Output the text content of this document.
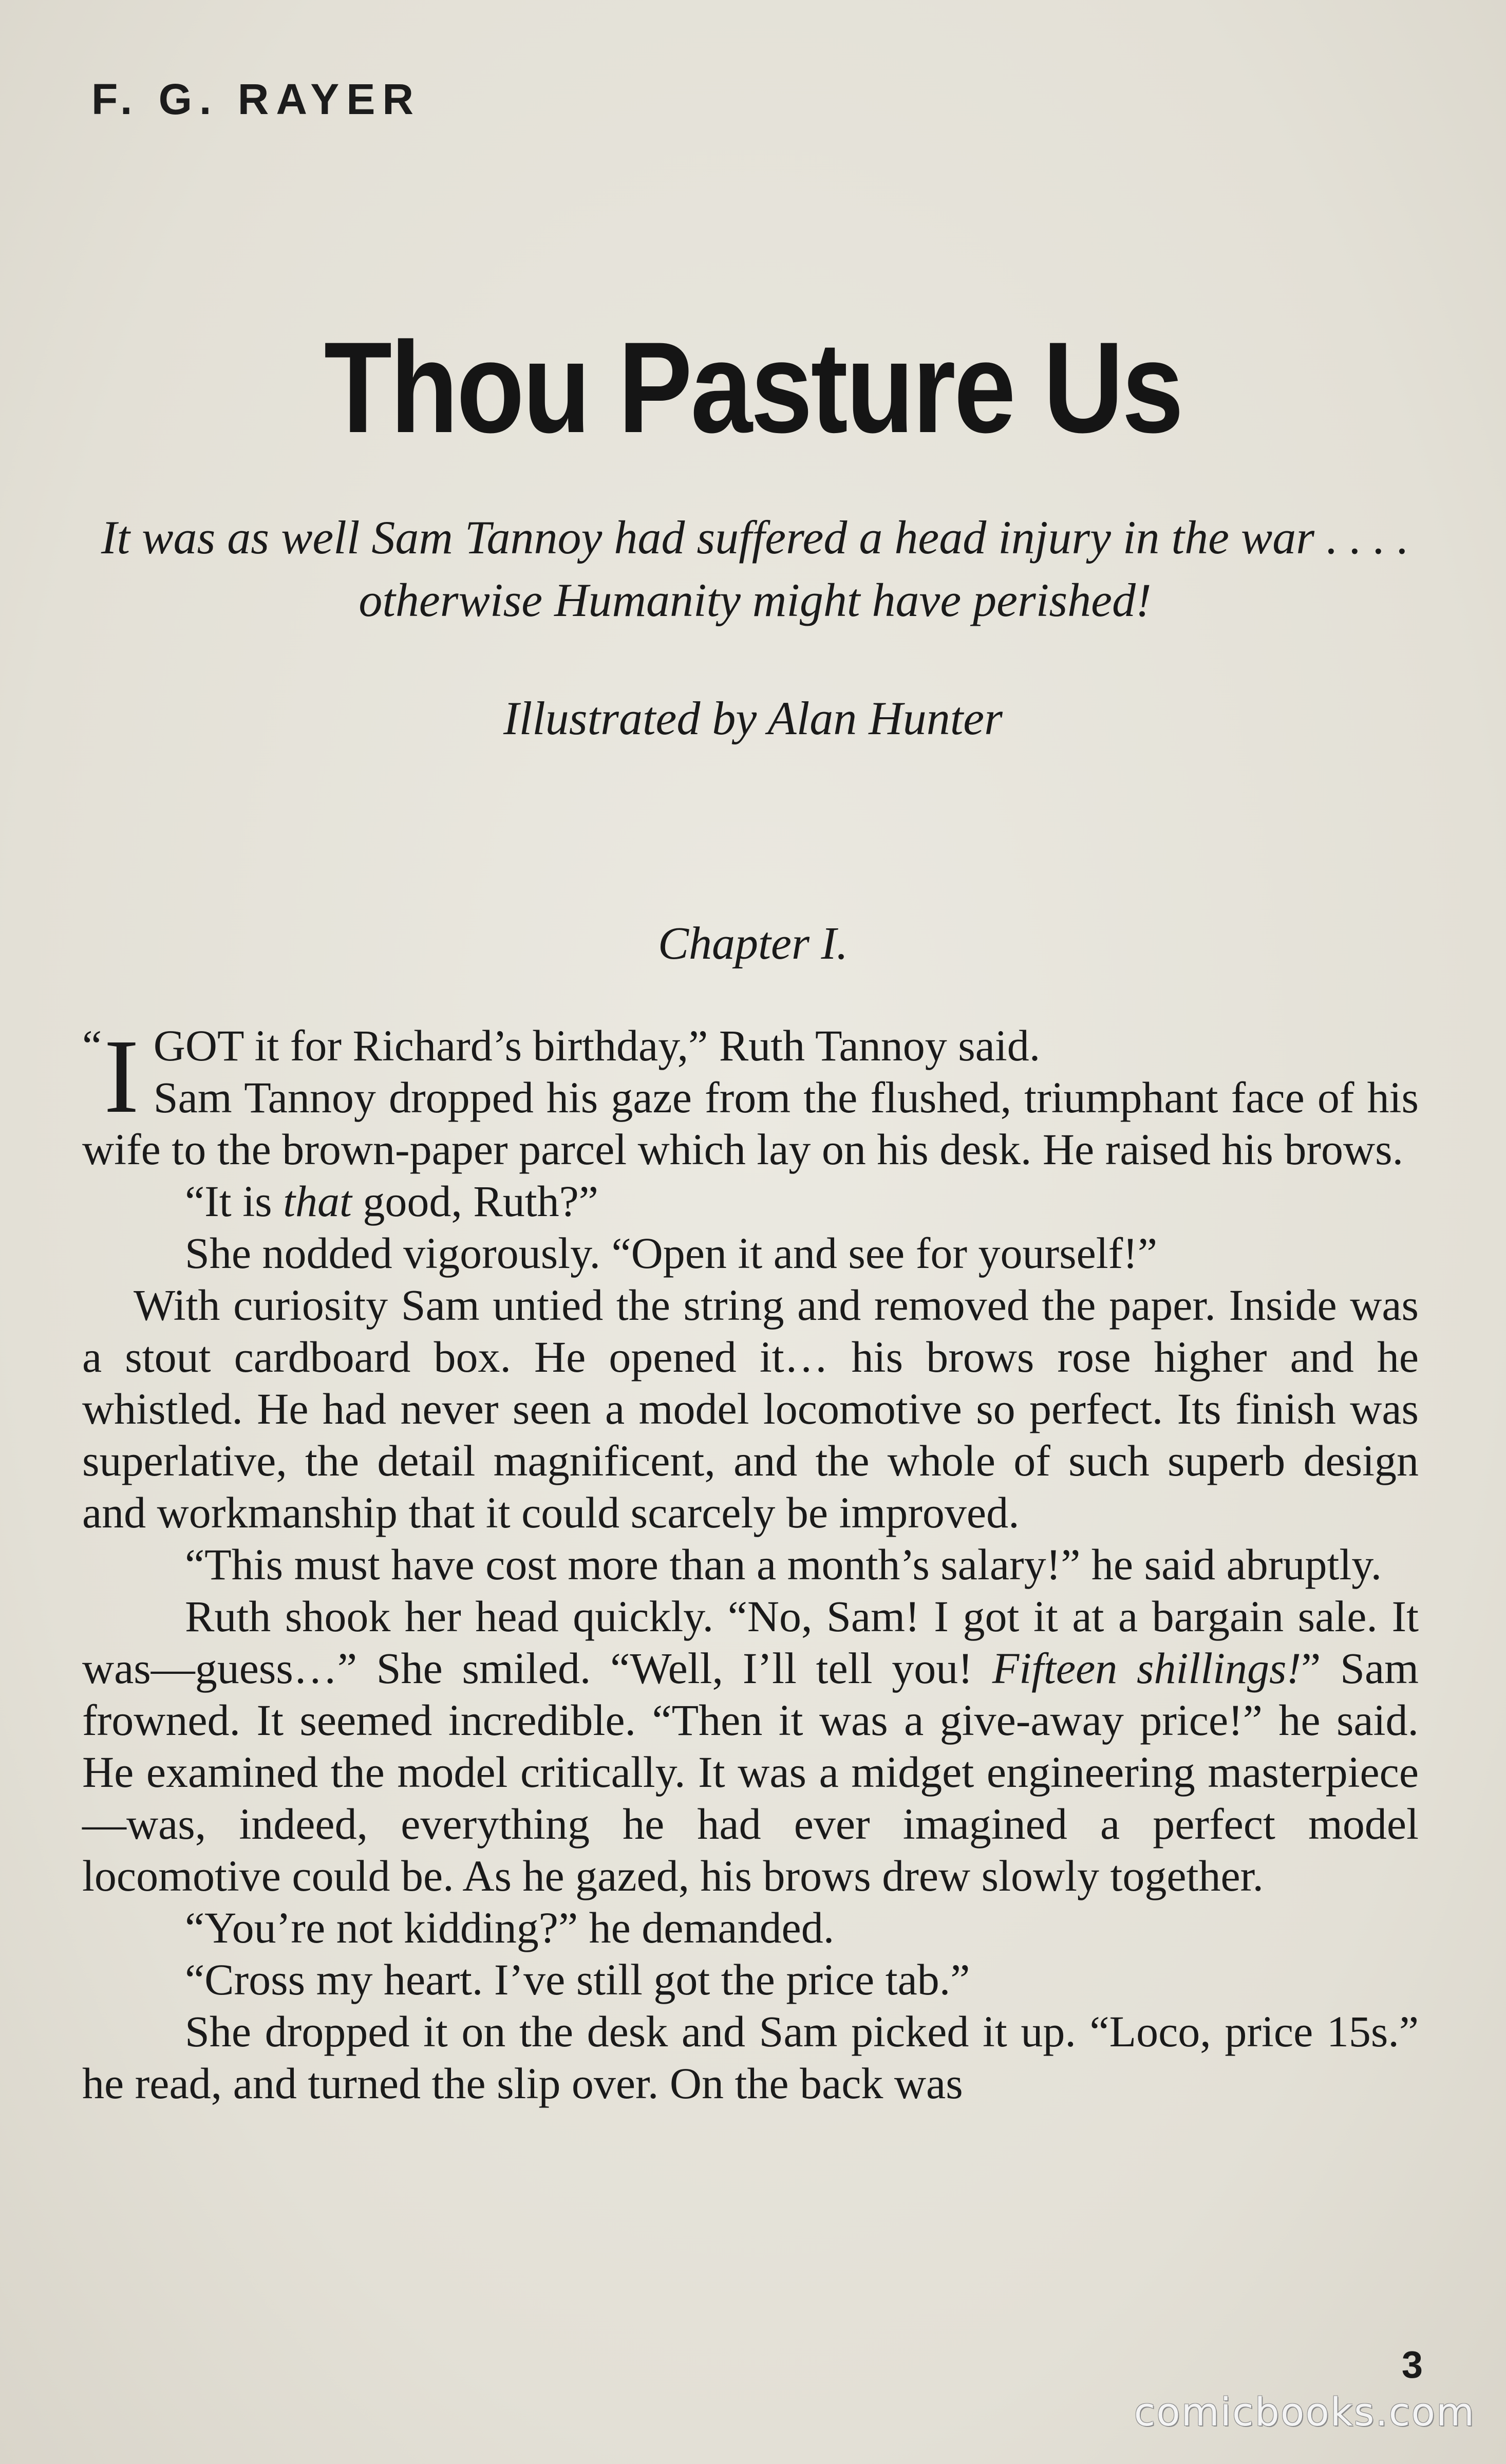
F. G. RAYER
Thou Pasture Us
It was as well Sam Tannoy had suffered a head injury in the war . . . . otherwise Humanity might have perished!
Illustrated by Alan Hunter
Chapter I.

“ I GOT it for Richard’s birthday,” Ruth Tannoy said.

Sam Tannoy dropped his gaze from the flushed, triumphant face of his wife to the brown-paper parcel which lay on his desk. He raised his brows.

“It is that good, Ruth?”

She nodded vigorously. “Open it and see for yourself!”

With curiosity Sam untied the string and removed the paper. Inside was a stout cardboard box. He opened it… his brows rose higher and he whistled. He had never seen a model locomotive so perfect. Its finish was superlative, the detail magnificent, and the whole of such superb design and workmanship that it could scarcely be improved.

“This must have cost more than a month’s salary!” he said abruptly.

Ruth shook her head quickly. “No, Sam! I got it at a bargain sale. It was—guess…” She smiled. “Well, I’ll tell you! Fifteen shillings!” Sam frowned. It seemed incredible. “Then it was a give-away price!” he said. He examined the model critically. It was a midget engineering masterpiece—was, indeed, everything he had ever imagined a perfect model locomotive could be. As he gazed, his brows drew slowly together.

“You’re not kidding?” he demanded.

“Cross my heart. I’ve still got the price tab.”

She dropped it on the desk and Sam picked it up. “Loco, price 15s.” he read, and turned the slip over. On the back was

3
comicbooks.com
